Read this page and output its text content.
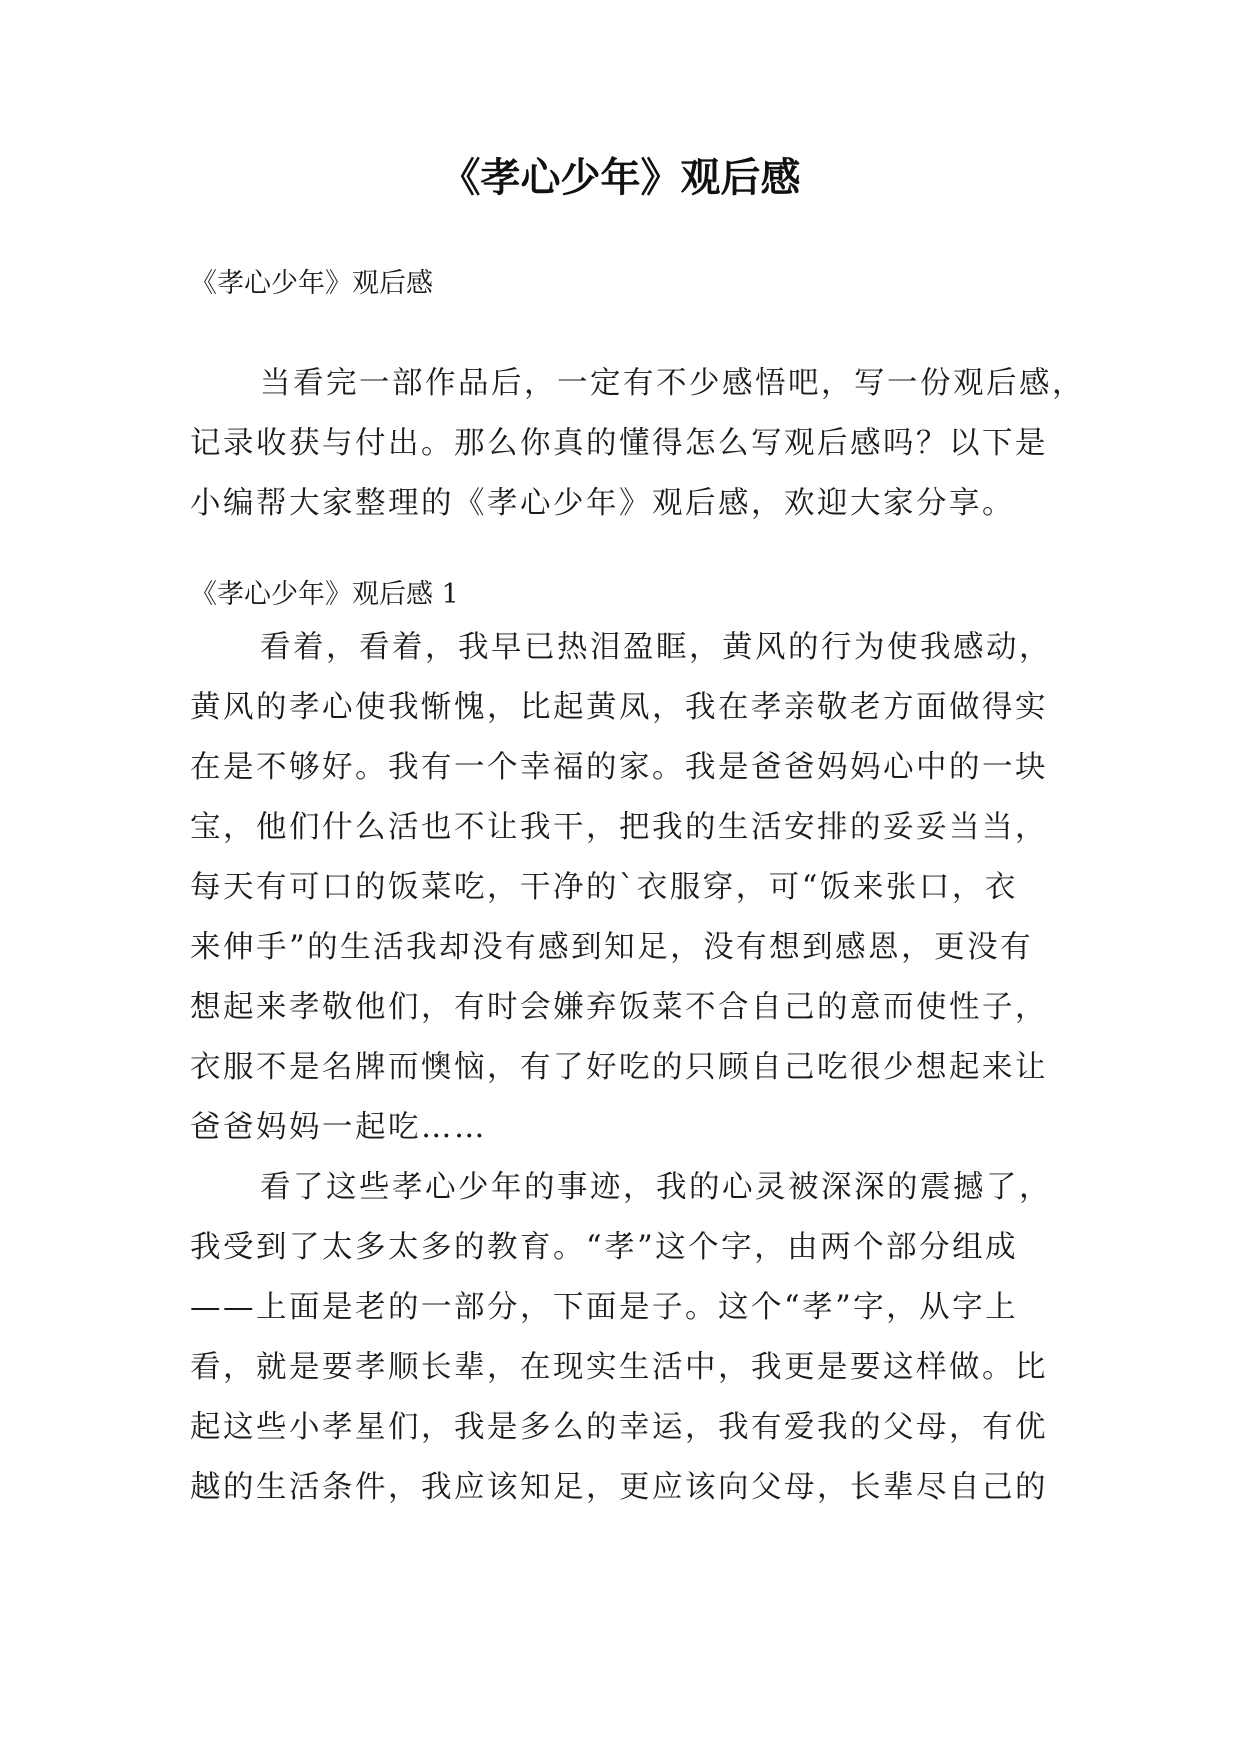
《孝心少年》观后感
《孝心少年》观后感
当看完一部作品后，一定有不少感悟吧，写一份观后感，
记录收获与付出。那么你真的懂得怎么写观后感吗？以下是
小编帮大家整理的《孝心少年》观后感，欢迎大家分享。
《孝心少年》观后感 1
看着，看着，我早已热泪盈眶，黄风的行为使我感动，
黄风的孝心使我惭愧，比起黄凤，我在孝亲敬老方面做得实
在是不够好。我有一个幸福的家。我是爸爸妈妈心中的一块
宝，他们什么活也不让我干，把我的生活安排的妥妥当当，
每天有可口的饭菜吃，干净的`衣服穿，可“饭来张口，衣
来伸手”的生活我却没有感到知足，没有想到感恩，更没有
想起来孝敬他们，有时会嫌弃饭菜不合自己的意而使性子，
衣服不是名牌而懊恼，有了好吃的只顾自己吃很少想起来让
爸爸妈妈一起吃……
看了这些孝心少年的事迹，我的心灵被深深的震撼了，
我受到了太多太多的教育。“孝”这个字，由两个部分组成
——上面是老的一部分，下面是子。这个“孝”字，从字上
看，就是要孝顺长辈，在现实生活中，我更是要这样做。比
起这些小孝星们，我是多么的幸运，我有爱我的父母，有优
越的生活条件，我应该知足，更应该向父母，长辈尽自己的
